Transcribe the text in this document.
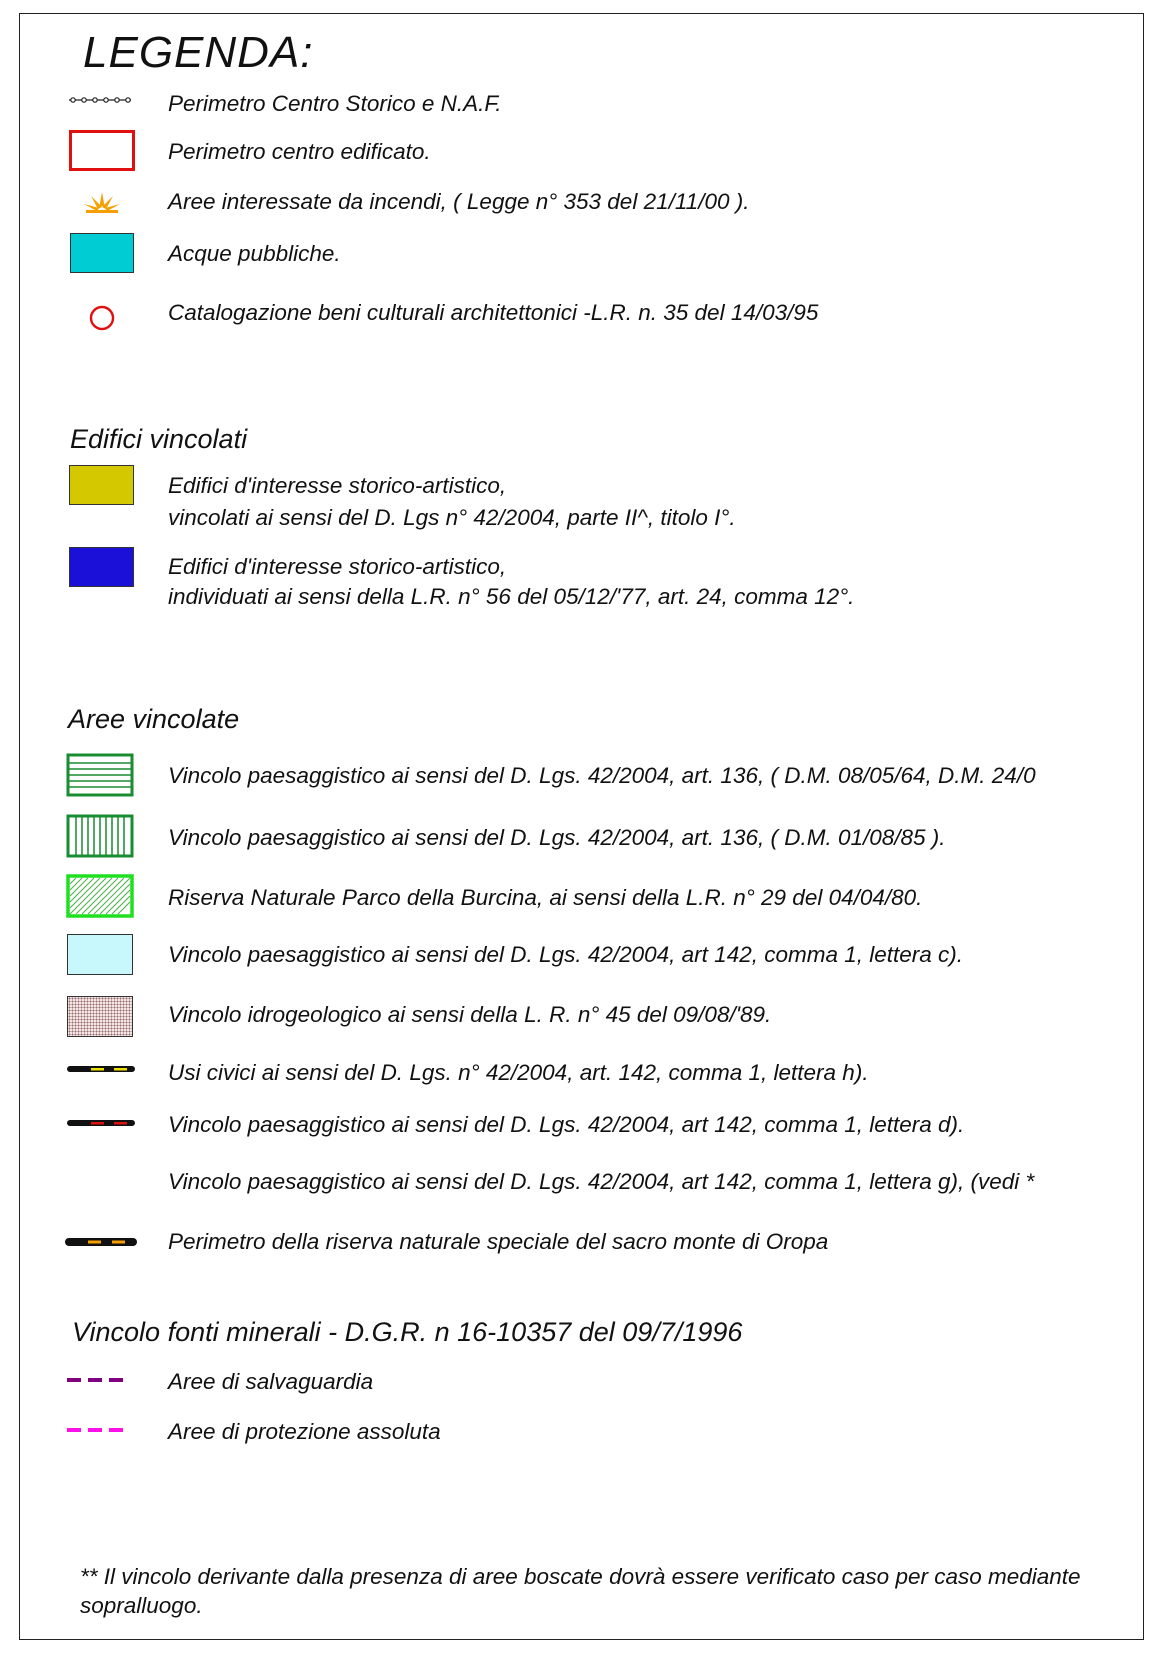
LEGENDA:
Perimetro Centro Storico e N.A.F.
Perimetro centro edificato.
Aree interessate da incendi, ( Legge n° 353 del 21/11/00 ).
Acque pubbliche.
Catalogazione beni culturali architettonici -L.R. n. 35 del 14/03/95
Edifici vincolati
Edifici d'interesse storico-artistico,
vincolati ai sensi del D. Lgs n° 42/2004, parte II^, titolo I°.
Edifici d'interesse storico-artistico,
individuati ai sensi della L.R. n° 56 del 05/12/'77, art. 24, comma 12°.
Aree vincolate
Vincolo paesaggistico ai sensi del D. Lgs. 42/2004, art. 136, ( D.M. 08/05/64, D.M. 24/0
Vincolo paesaggistico ai sensi del D. Lgs. 42/2004, art. 136, ( D.M. 01/08/85 ).
Riserva Naturale Parco della Burcina, ai sensi della L.R. n° 29 del 04/04/80.
Vincolo paesaggistico ai sensi del D. Lgs. 42/2004, art 142, comma 1, lettera c).
Vincolo idrogeologico ai sensi della L. R. n° 45 del 09/08/'89.
Usi civici ai sensi del D. Lgs. n° 42/2004, art. 142, comma 1, lettera h).
Vincolo paesaggistico ai sensi del D. Lgs. 42/2004, art 142, comma 1, lettera d).
Vincolo paesaggistico ai sensi del D. Lgs. 42/2004, art 142, comma 1, lettera g), (vedi *
Perimetro della riserva naturale speciale del sacro monte di Oropa
Vincolo fonti minerali - D.G.R. n 16-10357 del 09/7/1996
Aree di salvaguardia
Aree di protezione assoluta
** Il vincolo derivante dalla presenza di aree boscate dovrà essere verificato caso per caso mediante sopralluogo.
